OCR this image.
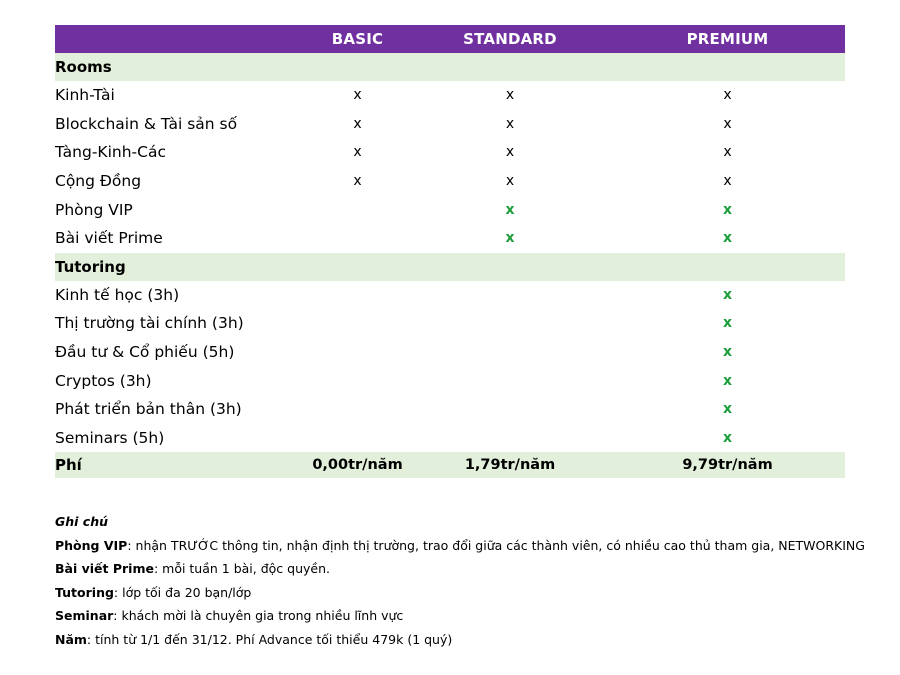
	BASIC	STANDARD	PREMIUM
Rooms			
Kinh-Tài	x	x	x
Blockchain & Tài sản số	x	x	x
Tàng-Kinh-Các	x	x	x
Cộng Đồng	x	x	x
Phòng VIP		x	x
Bài viết Prime		x	x
Tutoring			
Kinh tế học (3h)			x
Thị trường tài chính (3h)			x
Đầu tư & Cổ phiếu (5h)			x
Cryptos (3h)			x
Phát triển bản thân (3h)			x
Seminars (5h)			x
Phí	0,00tr/năm	1,79tr/năm	9,79tr/năm
Ghi chú
Phòng VIP: nhận TRƯỚC thông tin, nhận định thị trường, trao đổi giữa các thành viên, có nhiều cao thủ tham gia, NETWORKING
Bài viết Prime: mỗi tuần 1 bài, độc quyền.
Tutoring: lớp tối đa 20 bạn/lớp
Seminar: khách mời là chuyên gia trong nhiều lĩnh vực
Năm: tính từ 1/1 đến 31/12. Phí Advance tối thiểu 479k (1 quý)
